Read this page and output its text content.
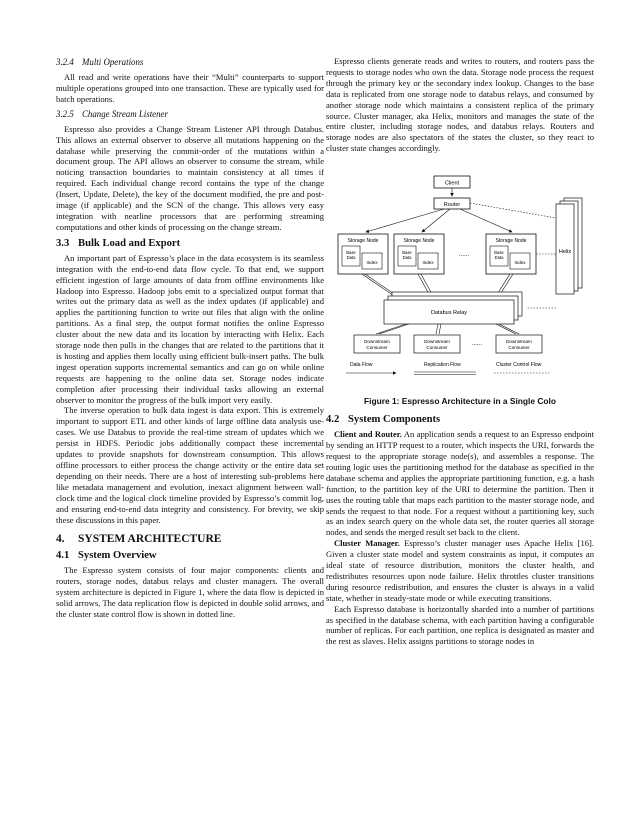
3.2.4 Multi Operations

All read and write operations have their “Multi” counterparts to support multiple operations grouped into one transaction. These are typically used for batch operations.

3.2.5 Change Stream Listener

Espresso also provides a Change Stream Listener API through Databus. This allows an external observer to observe all mutations happening on the database while preserving the commit-order of the mutations within a document group. The API allows an observer to consume the stream, while noticing transaction boundaries to maintain consistency at all times if required. Each individual change record contains the type of the change (Insert, Update, Delete), the key of the document modified, the pre and post-image (if applicable) and the SCN of the change. This allows very easy integration with nearline processors that are performing streaming computations and other kinds of processing on the change stream.

3.3 Bulk Load and Export

An important part of Espresso’s place in the data ecosystem is its seamless integration with the end-to-end data flow cycle. To that end, we support efficient ingestion of large amounts of data from offline environments like Hadoop into Espresso. Hadoop jobs emit to a specialized output format that writes out the primary data as well as the index updates (if applicable) and applies the partitioning function to write out files that align with the online partitions. As a final step, the output format notifies the online Espresso cluster about the new data and its location by interacting with Helix. Each storage node then pulls in the changes that are related to the partitions that it is hosting and applies them locally using efficient bulk-insert paths. The bulk ingest operation supports incremental semantics and can go on while online requests are happening to the online data set. Storage nodes indicate completion after processing their individual tasks allowing an external observer to monitor the progress of the bulk import very easily.

The inverse operation to bulk data ingest is data export. This is extremely important to support ETL and other kinds of large offline data analysis use-cases. We use Databus to provide the real-time stream of updates which we persist in HDFS. Periodic jobs additionally compact these incremental updates to provide snapshots for downstream consumption. This allows offline processors to either process the change activity or the entire data set depending on their needs. There are a host of interesting sub-problems here like metadata management and evolution, inexact alignment between wall-clock time and the logical clock timeline provided by Espresso’s commit log, and ensuring end-to-end data integrity and consistency. For brevity, we skip these discussions in this paper.

4. SYSTEM ARCHITECTURE
4.1 System Overview

The Espresso system consists of four major components: clients and routers, storage nodes, databus relays and cluster managers. The overall system architecture is depicted in Figure 1, where the data flow is depicted in solid arrows, The data replication flow is depicted in double solid arrows, and the cluster state control flow is shown in dotted line.

Espresso clients generate reads and writes to routers, and routers pass the requests to storage nodes who own the data. Storage node process the request through the primary key or the secondary index lookup. Changes to the base data is replicated from one storage node to databus relays, and consumed by another storage node which maintains a consistent replica of the primary source. Cluster manager, aka Helix, monitors and manages the state of the entire cluster, including storage nodes, and databus relays. Routers and storage nodes are also spectators of the states the cluster, so they react to cluster state changes accordingly.

Client
Router
Storage Node
Base
Data
Index
Storage Node
Base
Data
Index
......
Storage Node
Base
Data
Index
Helix
Databus Relay
Downstream
Consumer
Downstream
Consumer
......	Downstream
Consumer
Data Flow	Replication Flow	Cluster Control Flow
Figure 1: Espresso Architecture in a Single Colo
4.2 System Components

Client and Router. An application sends a request to an Espresso endpoint by sending an HTTP request to a router, which inspects the URI, forwards the request to the appropriate storage node(s), and assembles a response. The routing logic uses the partitioning method for the database as specified in the database schema and applies the appropriate partitioning function, e.g. a hash function, to the partition key of the URI to determine the partition. Then it uses the routing table that maps each partition to the master storage node, and sends the request to that node. For a request without a partitioning key, such as an index search query on the whole data set, the router queries all storage nodes, and sends the merged result set back to the client.

Cluster Manager. Espresso’s cluster manager uses Apache Helix [16]. Given a cluster state model and system constraints as input, it computes an ideal state of resource distribution, monitors the cluster health, and redistributes resources upon node failure. Helix throttles cluster transitions during resource redistribution, and ensures the cluster is always in a valid state, whether in steady-state mode or while executing transitions.

Each Espresso database is horizontally sharded into a number of partitions as specified in the database schema, with each partition having a configurable number of replicas. For each partition, one replica is designated as master and the rest as slaves. Helix assigns partitions to storage nodes in
